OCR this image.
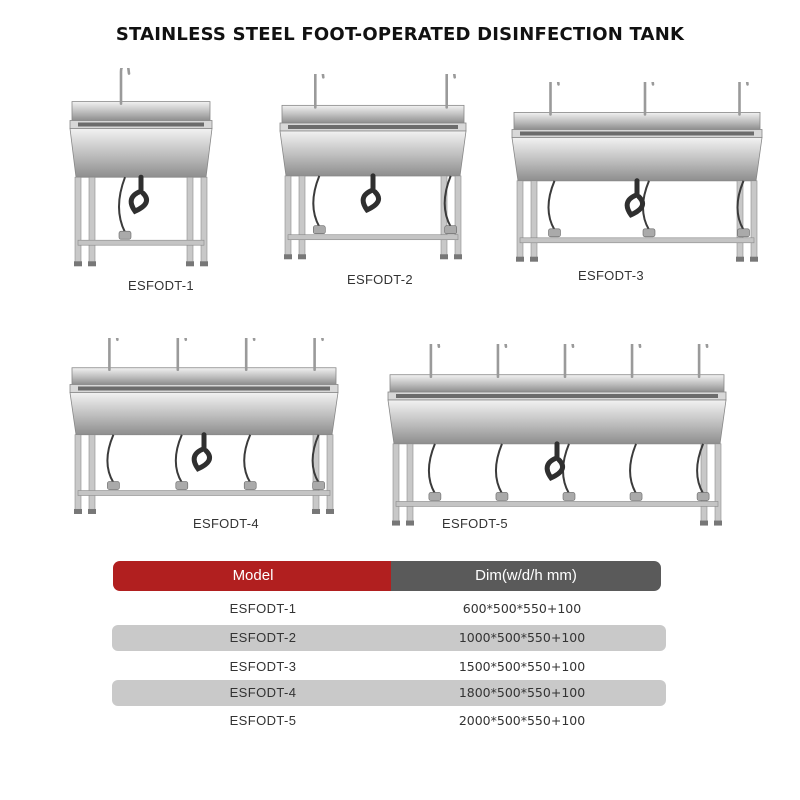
STAINLESS STEEL FOOT-OPERATED DISINFECTION TANK
ESFODT-1	ESFODT-2	ESFODT-3
ESFODT-4	ESFODT-5
Model	Dim(w/d/h mm)
ESFODT-1	600*500*550+100
ESFODT-2	1000*500*550+100
ESFODT-3	1500*500*550+100
ESFODT-4	1800*500*550+100
ESFODT-5	2000*500*550+100
